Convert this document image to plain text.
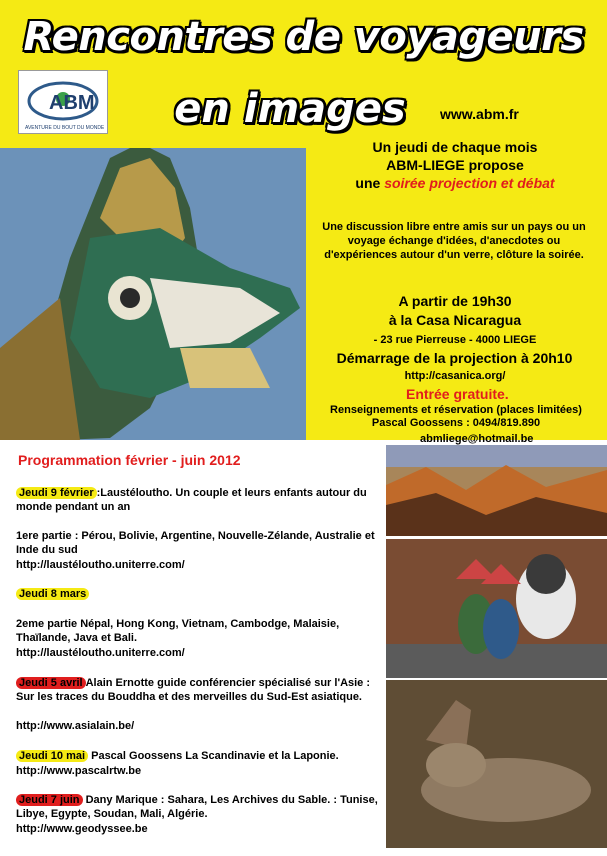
Rencontres de voyageurs
en images
ABM
AVENTURE DU BOUT DU MONDE
www.abm.fr
Un jeudi de chaque mois
ABM-LIEGE propose
une soirée projection et débat
Une discussion libre entre amis sur un pays ou un voyage échange d'idées, d'anecdotes ou d'expériences autour d'un verre, clôture la soirée.
A partir de 19h30
à la Casa Nicaragua
- 23 rue Pierreuse - 4000 LIEGE
Démarrage de la projection à 20h10
http://casanica.org/
Entrée gratuite.
Renseignements et réservation (places limitées)
Pascal Goossens : 0494/819.890
abmliege@hotmail.be
Programmation février - juin 2012
Jeudi 9 février :Laustéloutho. Un couple et leurs enfants autour du monde pendant un an
1ere partie : Pérou, Bolivie, Argentine, Nouvelle-Zélande, Australie et Inde du sud
http://laustéloutho.uniterre.com/
Jeudi 8 mars
2eme partie Népal, Hong Kong, Vietnam, Cambodge, Malaisie, Thaïlande, Java et Bali.
http://laustéloutho.uniterre.com/
Jeudi 5 avril Alain Ernotte guide conférencier spécialisé sur l'Asie : Sur les traces du Bouddha et des merveilles du Sud-Est asiatique.
http://www.asialain.be/
Jeudi 10 mai Pascal Goossens La Scandinavie et la Laponie.
http://www.pascalrtw.be
Jeudi 7 juin Dany Marique : Sahara, Les Archives du Sable. : Tunise, Libye, Egypte, Soudan, Mali, Algérie.
http://www.geodyssee.be
